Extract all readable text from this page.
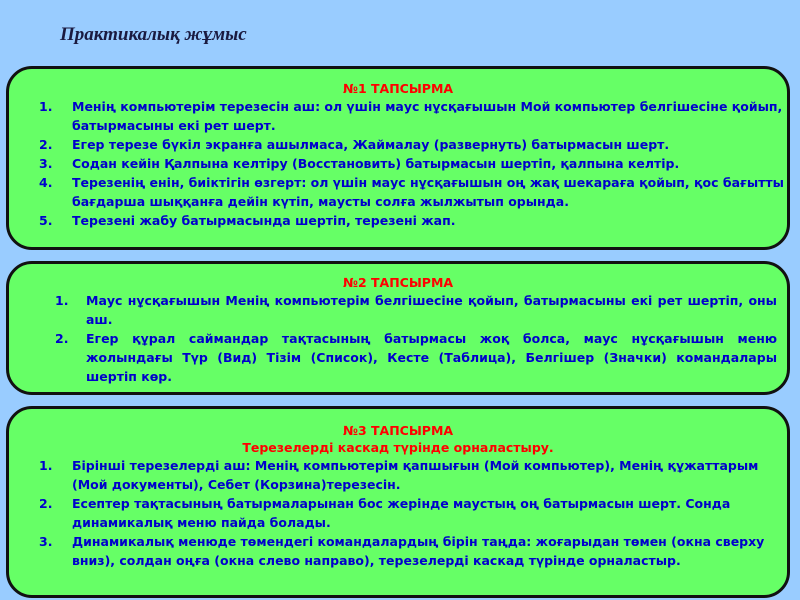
Практикалық жұмыс
№1 ТАПСЫРМА
1. Менің компьютерім терезесін аш: ол үшін маус нұсқағышын Мой компьютер белгішесіне қойып, батырмасыны екі рет шерт.
2. Егер терезе бүкіл экранға ашылмаса, Жаймалау (развернуть) батырмасын шерт.
3. Содан кейін Қалпына келтіру (Восстановить) батырмасын шертіп, қалпына келтір.
4. Терезенің енін, биіктігін өзгерт: ол үшін маус нұсқағышын оң жақ шекараға қойып, қос бағытты бағдарша шыққанға дейін күтіп, маусты солға жылжытып орында.
5. Терезені жабу батырмасында шертіп, терезені жап.
№2 ТАПСЫРМА
1. Маус нұсқағышын Менің компьютерім белгішесіне қойып, батырмасыны екі рет шертіп, оны аш.
2. Егер құрал саймандар тақтасының батырмасы жоқ болса, маус нұсқағышын меню жолындағы Түр (Вид) Тізім (Список), Кесте (Таблица), Белгішер (Значки) командалары шертіп көр.
№3 ТАПСЫРМА
Терезелерді каскад түрінде орналастыру.
1. Бірінші терезелерді аш: Менің компьютерім қапшығын (Мой компьютер), Менің құжаттарым (Мой документы), Себет (Корзина)терезесін.
2. Есептер тақтасының батырмаларынан бос жерінде маустың оң батырмасын шерт. Сонда динамикалық меню пайда болады.
3. Динамикалық менюде төмендегі командалардың бірін таңда: жоғарыдан төмен (окна сверху вниз), солдан оңға (окна слево направо), терезелерді каскад түрінде орналастыр.
